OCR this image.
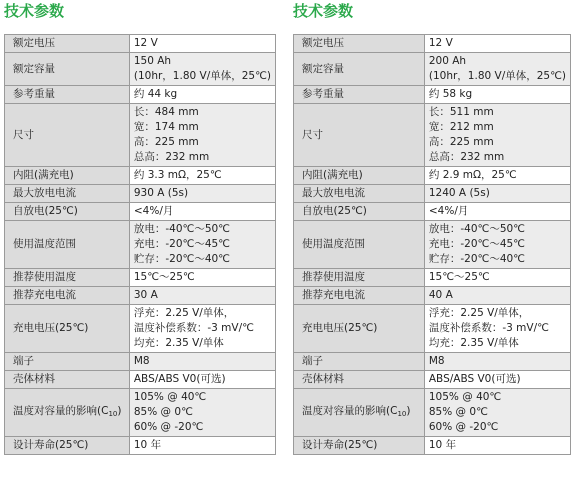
技术参数
额定电压	12 V

额定容量	150 Ah
(10hr，1.80 V/单体，25℃)

参考重量	约 44 kg

尺寸	长：484 mm
宽：174 mm
高：225 mm
总高：232 mm

内阻(满充电)	约 3.3 mΩ，25℃

最大放电电流	930 A (5s)

自放电(25℃)	<4%/月

使用温度范围	放电：-40℃～50℃
充电：-20℃～45℃
贮存：-20℃～40℃

推荐使用温度	15℃～25℃

推荐充电电流	30 A

充电电压(25℃)	浮充：2.25 V/单体，
温度补偿系数：-3 mV/℃
均充：2.35 V/单体

端子	M8

壳体材料	ABS/ABS V0(可选)

温度对容量的影响$(C_{10})$	105% @ 40℃
85% @ 0℃
60% @ -20℃

设计寿命(25℃)	10 年
技术参数
额定电压	12 V

额定容量	200 Ah
(10hr，1.80 V/单体，25℃)

参考重量	约 58 kg

尺寸	长：511 mm
宽：212 mm
高：225 mm
总高：232 mm

内阻(满充电)	约 2.9 mΩ，25℃

最大放电电流	1240 A (5s)

自放电(25℃)	<4%/月

使用温度范围	放电：-40℃～50℃
充电：-20℃～45℃
贮存：-20℃～40℃

推荐使用温度	15℃～25℃

推荐充电电流	40 A

充电电压(25℃)	浮充：2.25 V/单体，
温度补偿系数：-3 mV/℃
均充：2.35 V/单体

端子	M8

壳体材料	ABS/ABS V0(可选)

温度对容量的影响$(C_{10})$	105% @ 40℃
85% @ 0℃
60% @ -20℃

设计寿命(25℃)	10 年
